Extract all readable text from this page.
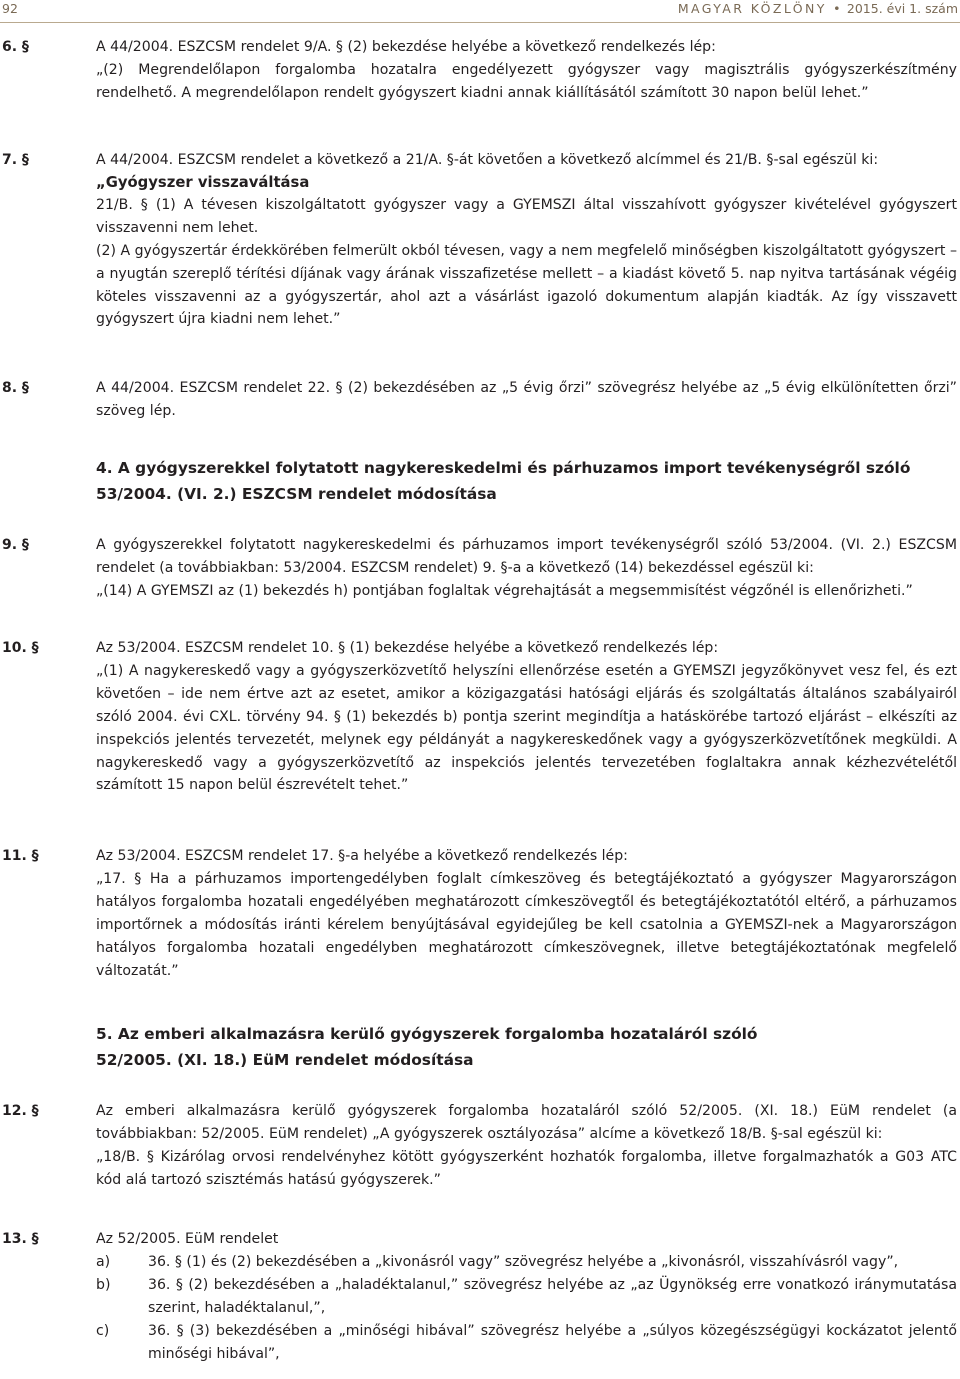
92	MAGYAR KÖZLÖNY • 2015. évi 1. szám
6. §	A 44/2004. ESZCSM rendelet 9/A. § (2) bekezdése helyébe a következő rendelkezés lép:

„(2) Megrendelőlapon forgalomba hozatalra engedélyezett gyógyszer vagy magisztrális gyógyszerkészítmény rendelhető. A megrendelőlapon rendelt gyógyszert kiadni annak kiállításától számított 30 napon belül lehet.”

7. §	A 44/2004. ESZCSM rendelet a következő a 21/A. §-át követően a következő alcímmel és 21/B. §-sal egészül ki:

„Gyógyszer visszaváltása

21/B. § (1) A tévesen kiszolgáltatott gyógyszer vagy a GYEMSZI által visszahívott gyógyszer kivételével gyógyszert visszavenni nem lehet.

(2) A gyógyszertár érdekkörében felmerült okból tévesen, vagy a nem megfelelő minőségben kiszolgáltatott gyógyszert – a nyugtán szereplő térítési díjának vagy árának visszafizetése mellett – a kiadást követő 5. nap nyitva tartásának végéig köteles visszavenni az a gyógyszertár, ahol azt a vásárlást igazoló dokumentum alapján kiadták. Az így visszavett gyógyszert újra kiadni nem lehet.”

8. §	A 44/2004. ESZCSM rendelet 22. § (2) bekezdésében az „5 évig őrzi” szövegrész helyébe az „5 évig elkülönítetten őrzi” szöveg lép.

4. A gyógyszerekkel folytatott nagykereskedelmi és párhuzamos import tevékenységről szóló

53/2004. (VI. 2.) ESZCSM rendelet módosítása

9. §	A gyógyszerekkel folytatott nagykereskedelmi és párhuzamos import tevékenységről szóló 53/2004. (VI. 2.) ESZCSM rendelet (a továbbiakban: 53/2004. ESZCSM rendelet) 9. §-a a következő (14) bekezdéssel egészül ki:

„(14) A GYEMSZI az (1) bekezdés h) pontjában foglaltak végrehajtását a megsemmisítést végzőnél is ellenőrizheti.”

10. §	Az 53/2004. ESZCSM rendelet 10. § (1) bekezdése helyébe a következő rendelkezés lép:

„(1) A nagykereskedő vagy a gyógyszerközvetítő helyszíni ellenőrzése esetén a GYEMSZI jegyzőkönyvet vesz fel, és ezt követően – ide nem értve azt az esetet, amikor a közigazgatási hatósági eljárás és szolgáltatás általános szabályairól szóló 2004. évi CXL. törvény 94. § (1) bekezdés b) pontja szerint megindítja a hatáskörébe tartozó eljárást – elkészíti az inspekciós jelentés tervezetét, melynek egy példányát a nagykereskedőnek vagy a gyógyszerközvetítőnek megküldi. A nagykereskedő vagy a gyógyszerközvetítő az inspekciós jelentés tervezetében foglaltakra annak kézhezvételétől számított 15 napon belül észrevételt tehet.”

11. §	Az 53/2004. ESZCSM rendelet 17. §-a helyébe a következő rendelkezés lép:

„17. § Ha a párhuzamos importengedélyben foglalt címkeszöveg és betegtájékoztató a gyógyszer Magyarországon hatályos forgalomba hozatali engedélyében meghatározott címkeszövegtől és betegtájékoztatótól eltérő, a párhuzamos importőrnek a módosítás iránti kérelem benyújtásával egyidejűleg be kell csatolnia a GYEMSZI-nek a Magyarországon hatályos forgalomba hozatali engedélyben meghatározott címkeszövegnek, illetve betegtájékoztatónak megfelelő változatát.”

5. Az emberi alkalmazásra kerülő gyógyszerek forgalomba hozataláról szóló

52/2005. (XI. 18.) EüM rendelet módosítása

12. §	Az emberi alkalmazásra kerülő gyógyszerek forgalomba hozataláról szóló 52/2005. (XI. 18.) EüM rendelet (a továbbiakban: 52/2005. EüM rendelet) „A gyógyszerek osztályozása” alcíme a következő 18/B. §-sal egészül ki:

„18/B. § Kizárólag orvosi rendelvényhez kötött gyógyszerként hozhatók forgalomba, illetve forgalmazhatók a G03 ATC kód alá tartozó szisztémás hatású gyógyszerek.”

13. §	Az 52/2005. EüM rendelet

a)	36. § (1) és (2) bekezdésében a „kivonásról vagy” szövegrész helyébe a „kivonásról, visszahívásról vagy”,
b)	36. § (2) bekezdésében a „haladéktalanul,” szövegrész helyébe az „az Ügynökség erre vonatkozó iránymutatása szerint, haladéktalanul,”,
c)	36. § (3) bekezdésében a „minőségi hibával” szövegrész helyébe a „súlyos közegészségügyi kockázatot jelentő minőségi hibával”,
